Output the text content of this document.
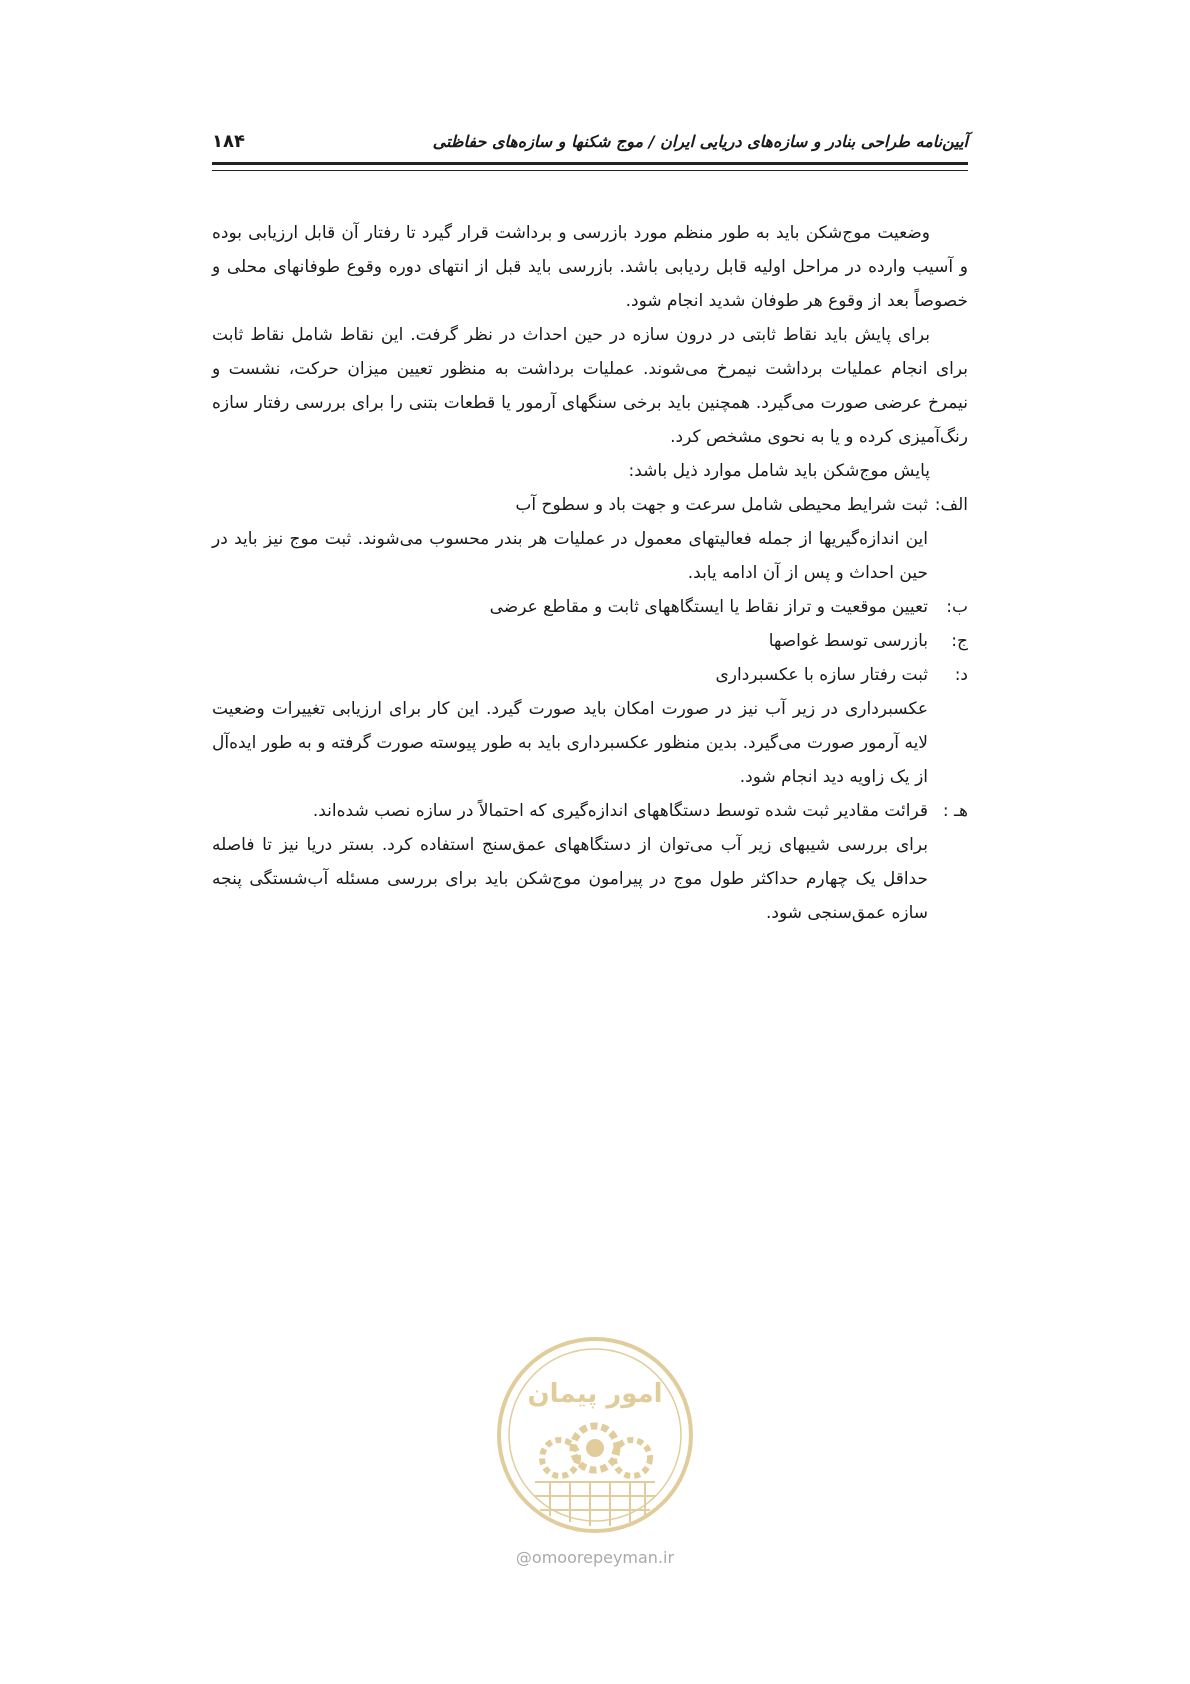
آیین‌نامه طراحی بنادر و سازه‌های دریایی ایران / موج شکنها و سازه‌های حفاظتی
۱۸۴

وضعیت موج‌شکن باید به طور منظم مورد بازرسی و برداشت قرار گیرد تا رفتار آن قابل ارزیابی بوده و آسیب وارده در مراحل اولیه قابل ردیابی باشد. بازرسی باید قبل از انتهای دوره وقوع طوفانهای محلی و خصوصاً بعد از وقوع هر طوفان شدید انجام شود.

برای پایش باید نقاط ثابتی در درون سازه در حین احداث در نظر گرفت. این نقاط شامل نقاط ثابت برای انجام عملیات برداشت نیمرخ می‌شوند. عملیات برداشت به منظور تعیین میزان حرکت، نشست و نیمرخ عرضی صورت می‌گیرد. همچنین باید برخی سنگهای آرمور یا قطعات بتنی را برای بررسی رفتار سازه رنگ‌آمیزی کرده و یا به نحوی مشخص کرد.

پایش موج‌شکن باید شامل موارد ذیل باشد:

الف:
ثبت شرایط محیطی شامل سرعت و جهت باد و سطوح آب

این اندازه‌گیریها از جمله فعالیتهای معمول در عملیات هر بندر محسوب می‌شوند. ثبت موج نیز باید در حین احداث و پس از آن ادامه یابد.

ب:
تعیین موقعیت و تراز نقاط یا ایستگاههای ثابت و مقاطع عرضی
ج:
بازرسی توسط غواصها
د:
ثبت رفتار سازه با عکسبرداری

عکسبرداری در زیر آب نیز در صورت امکان باید صورت گیرد. این کار برای ارزیابی تغییرات وضعیت لایه آرمور صورت می‌گیرد. بدین منظور عکسبرداری باید به طور پیوسته صورت گرفته و به طور ایده‌آل از یک زاویه دید انجام شود.

هـ :
قرائت مقادیر ثبت شده توسط دستگاههای اندازه‌گیری که احتمالاً در سازه نصب شده‌اند.

برای بررسی شیبهای زیر آب می‌توان از دستگاههای عمق‌سنج استفاده کرد. بستر دریا نیز تا فاصله حداقل یک چهارم حداکثر طول موج در پیرامون موج‌شکن باید برای بررسی مسئله آب‌شستگی پنجه سازه عمق‌سنجی شود.

امور پیمان
@omoorepeyman.ir
